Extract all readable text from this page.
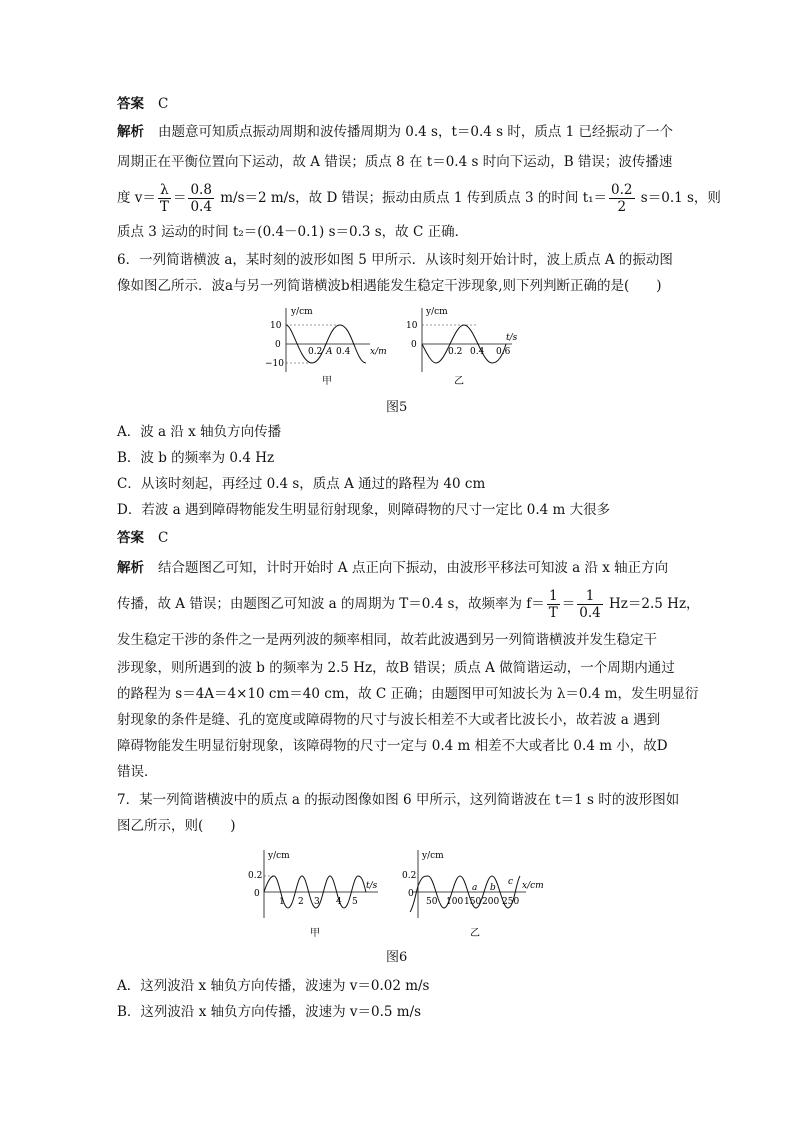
答案 C
解析 由题意可知质点振动周期和波传播周期为 0.4 s，t＝0.4 s 时，质点 1 已经振动了一个
周期正在平衡位置向下运动，故 A 错误；质点 8 在 t＝0.4 s 时向下运动，B 错误；波传播速
度 $v= \frac{\lambda}{T} = \frac{0.8}{0.4} m/s=2$ m/s，故 D 错误；振动由质点 1 传到质点 3 的时间 $t_1= \frac{0.2}{2} s=0.1$ s，则
质点 3 运动的时间 t₂＝(0.4－0.1) s＝0.3 s，故 C 正确．
6．一列简谐横波 a，某时刻的波形如图 5 甲所示．从该时刻开始计时，波上质点 A 的振动图
像如图乙所示．波a与另一列简谐横波b相遇能发生稳定干涉现象,则下列判断正确的是(　　)
y/cm
x/m
10
0
−10
0.2 A 0.4
甲
y/cm
t/s
10
0
0.2 0.4 0.6
乙
图5
A．波 a 沿 x 轴负方向传播
B．波 b 的频率为 0.4 Hz
C．从该时刻起，再经过 0.4 s，质点 A 通过的路程为 40 cm
D．若波 a 遇到障碍物能发生明显衍射现象，则障碍物的尺寸一定比 0.4 m 大很多
答案 C
解析 结合题图乙可知，计时开始时 A 点正向下振动，由波形平移法可知波 a 沿 x 轴正方向
传播，故 A 错误；由题图乙可知波 a 的周期为 T＝0.4 s，故频率为 $f= \frac{1}{T} = \frac{1}{0.4} Hz=2.5$ Hz，
发生稳定干涉的条件之一是两列波的频率相同，故若此波遇到另一列简谐横波并发生稳定干
涉现象，则所遇到的波 b 的频率为 2.5 Hz，故B 错误；质点 A 做简谐运动，一个周期内通过
的路程为 s＝4A＝4×10 cm＝40 cm，故 C 正确；由题图甲可知波长为 λ＝0.4 m，发生明显衍
射现象的条件是缝、孔的宽度或障碍物的尺寸与波长相差不大或者比波长小，故若波 a 遇到
障碍物能发生明显衍射现象，该障碍物的尺寸一定与 0.4 m 相差不大或者比 0.4 m 小，故D
错误．
7．某一列简谐横波中的质点 a 的振动图像如图 6 甲所示，这列简谐波在 t＝1 s 时的波形图如
图乙所示，则(　　)
y/cm
t/s
0.2
0
1 2 3 4 5
甲
y/cm
x/cm
0.2
0
50 100 150 200 250
a b
c
乙
图6
A．这列波沿 x 轴负方向传播，波速为 v＝0.02 m/s
B．这列波沿 x 轴负方向传播，波速为 v＝0.5 m/s
